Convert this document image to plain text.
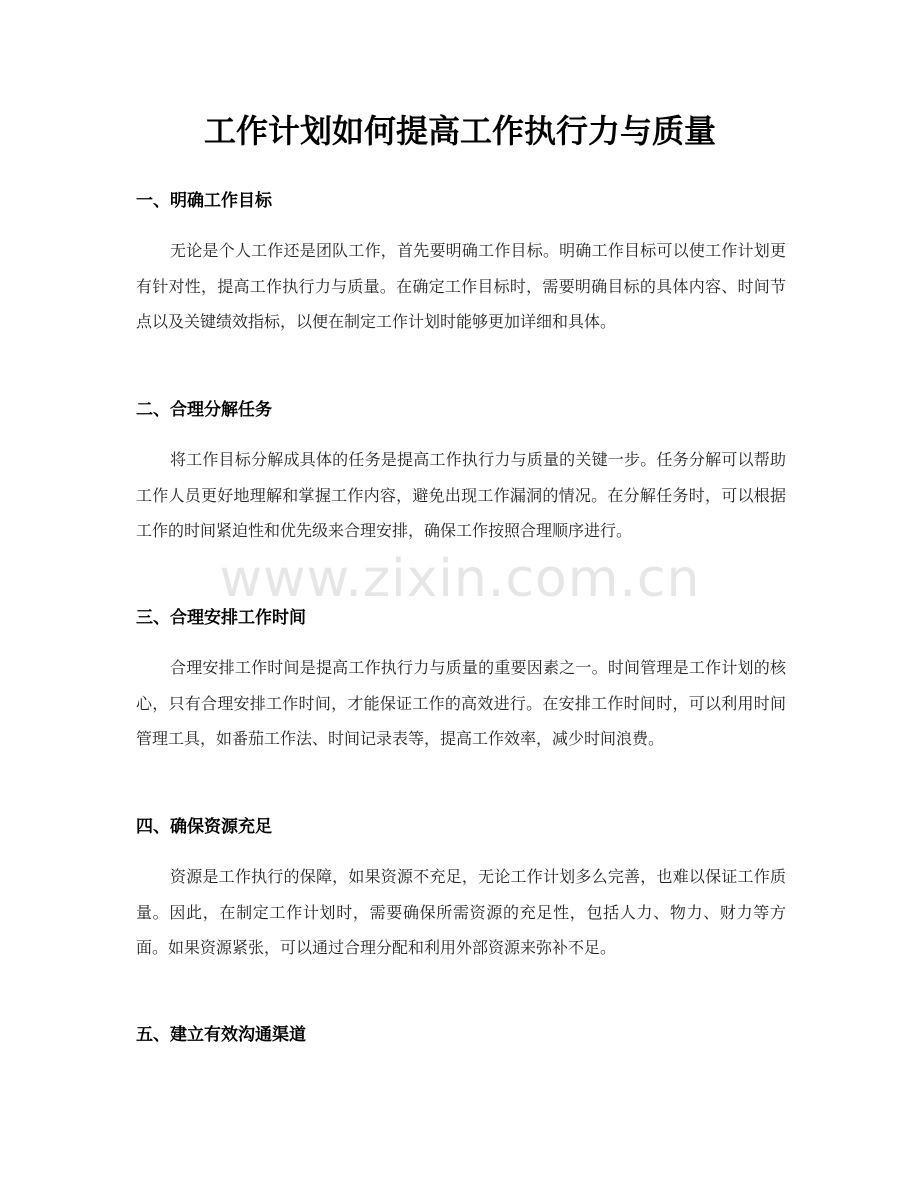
工作计划如何提高工作执行力与质量
一、明确工作目标

无论是个人工作还是团队工作，首先要明确工作目标。明确工作目标可以使工作计划更有针对性，提高工作执行力与质量。在确定工作目标时，需要明确目标的具体内容、时间节点以及关键绩效指标，以便在制定工作计划时能够更加详细和具体。

二、合理分解任务

将工作目标分解成具体的任务是提高工作执行力与质量的关键一步。任务分解可以帮助工作人员更好地理解和掌握工作内容，避免出现工作漏洞的情况。在分解任务时，可以根据工作的时间紧迫性和优先级来合理安排，确保工作按照合理顺序进行。

三、合理安排工作时间

合理安排工作时间是提高工作执行力与质量的重要因素之一。时间管理是工作计划的核心，只有合理安排工作时间，才能保证工作的高效进行。在安排工作时间时，可以利用时间管理工具，如番茄工作法、时间记录表等，提高工作效率，减少时间浪费。

四、确保资源充足

资源是工作执行的保障，如果资源不充足，无论工作计划多么完善，也难以保证工作质量。因此，在制定工作计划时，需要确保所需资源的充足性，包括人力、物力、财力等方面。如果资源紧张，可以通过合理分配和利用外部资源来弥补不足。

五、建立有效沟通渠道
www.zixin.com.cn
